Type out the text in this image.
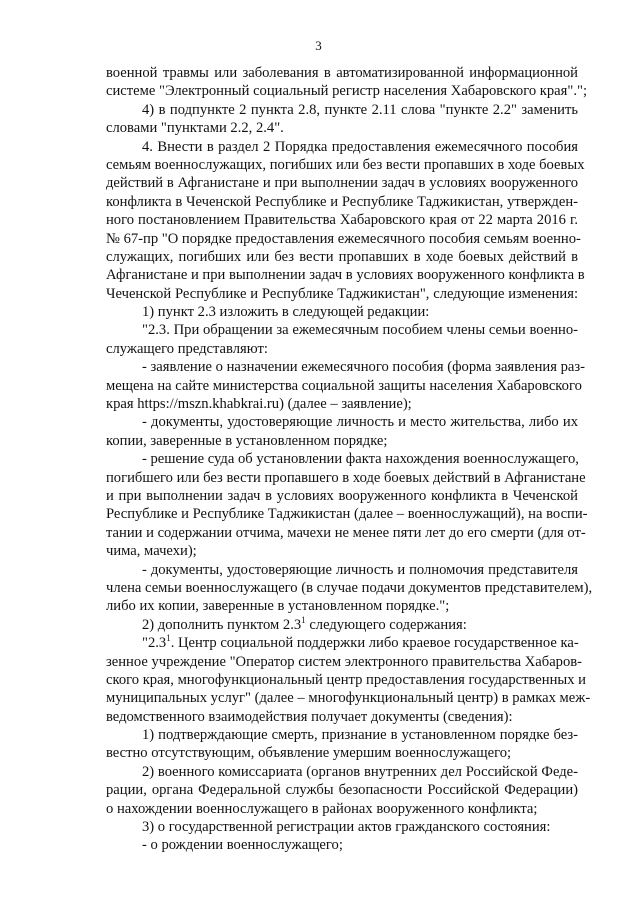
3
военной травмы или заболевания в автоматизированной информационной
системе "Электронный социальный регистр населения Хабаровского края".";
4) в подпункте 2 пункта 2.8, пункте 2.11 слова "пункте 2.2" заменить
словами "пунктами 2.2, 2.4".
4. Внести в раздел 2 Порядка предоставления ежемесячного пособия
семьям военнослужащих, погибших или без вести пропавших в ходе боевых
действий в Афганистане и при выполнении задач в условиях вооруженного
конфликта в Чеченской Республике и Республике Таджикистан, утвержден-
ного постановлением Правительства Хабаровского края от 22 марта 2016 г.
№ 67-пр "О порядке предоставления ежемесячного пособия семьям военно-
служащих, погибших или без вести пропавших в ходе боевых действий в
Афганистане и при выполнении задач в условиях вооруженного конфликта в
Чеченской Республике и Республике Таджикистан", следующие изменения:
1) пункт 2.3 изложить в следующей редакции:
"2.3. При обращении за ежемесячным пособием члены семьи военно-
служащего представляют:
- заявление о назначении ежемесячного пособия (форма заявления раз-
мещена на сайте министерства социальной защиты населения Хабаровского
края https://mszn.khabkrai.ru) (далее – заявление);
- документы, удостоверяющие личность и место жительства, либо их
копии, заверенные в установленном порядке;
- решение суда об установлении факта нахождения военнослужащего,
погибшего или без вести пропавшего в ходе боевых действий в Афганистане
и при выполнении задач в условиях вооруженного конфликта в Чеченской
Республике и Республике Таджикистан (далее – военнослужащий), на воспи-
тании и содержании отчима, мачехи не менее пяти лет до его смерти (для от-
чима, мачехи);
- документы, удостоверяющие личность и полномочия представителя
члена семьи военнослужащего (в случае подачи документов представителем),
либо их копии, заверенные в установленном порядке.";
2) дополнить пунктом $2.3^1$ следующего содержания:
"$2.3^1$. Центр социальной поддержки либо краевое государственное ка-
зенное учреждение "Оператор систем электронного правительства Хабаров-
ского края, многофункциональный центр предоставления государственных и
муниципальных услуг" (далее – многофункциональный центр) в рамках меж-
ведомственного взаимодействия получает документы (сведения):
1) подтверждающие смерть, признание в установленном порядке без-
вестно отсутствующим, объявление умершим военнослужащего;
2) военного комиссариата (органов внутренних дел Российской Феде-
рации, органа Федеральной службы безопасности Российской Федерации)
о нахождении военнослужащего в районах вооруженного конфликта;
3) о государственной регистрации актов гражданского состояния:
- о рождении военнослужащего;
